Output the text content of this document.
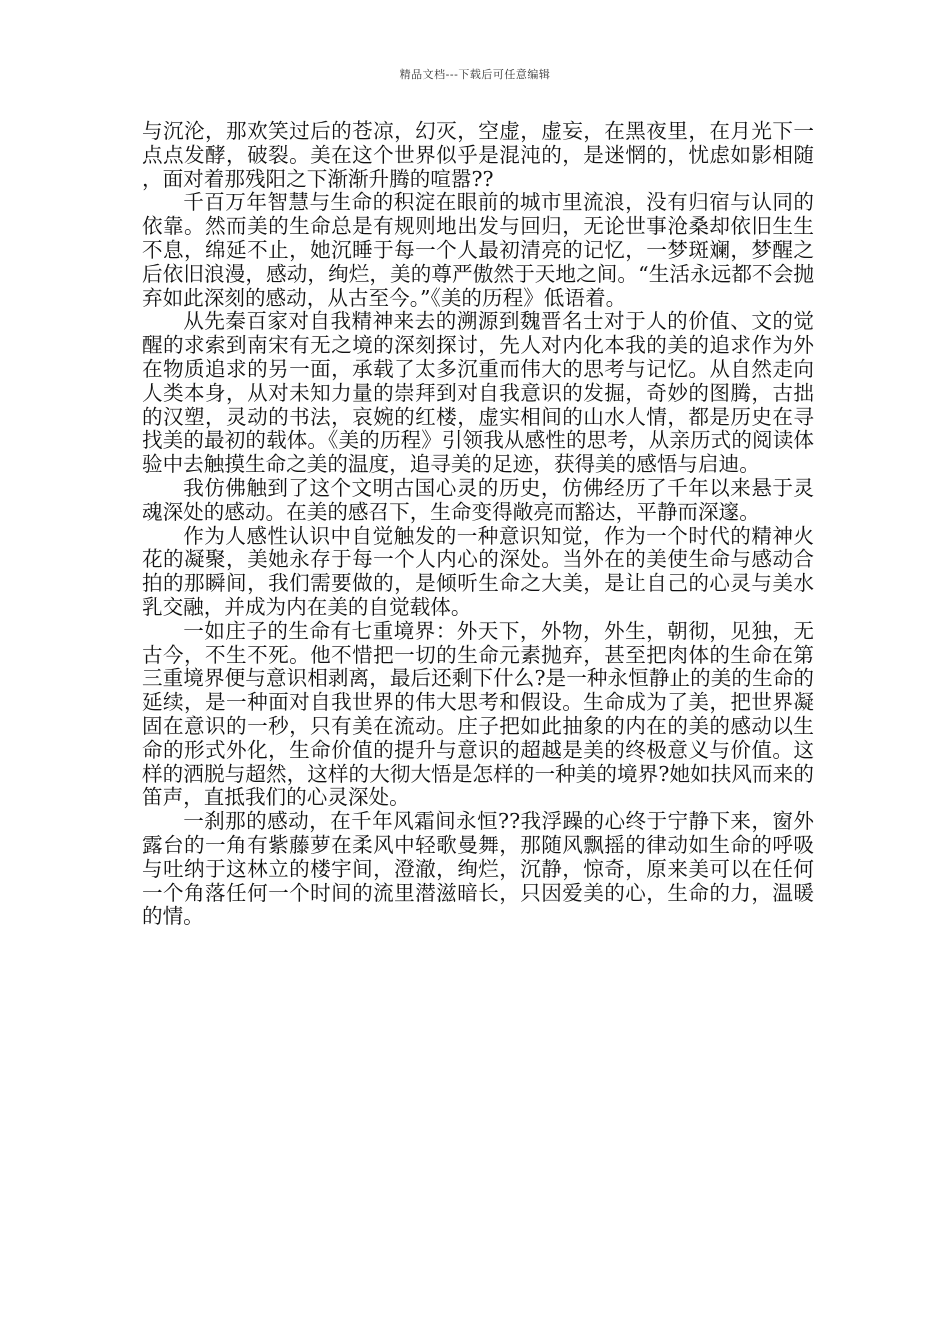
精品文档---下载后可任意编辑

与沉沦，那欢笑过后的苍凉，幻灭，空虚，虚妄，在黑夜里，在月光下一点点发酵，破裂。美在这个世界似乎是混沌的，是迷惘的，忧虑如影相随，面对着那残阳之下渐渐升腾的喧嚣??

千百万年智慧与生命的积淀在眼前的城市里流浪，没有归宿与认同的依靠。然而美的生命总是有规则地出发与回归，无论世事沧桑却依旧生生不息，绵延不止，她沉睡于每一个人最初清亮的记忆，一梦斑斓，梦醒之后依旧浪漫，感动，绚烂，美的尊严傲然于天地之间。“生活永远都不会抛弃如此深刻的感动，从古至今。”《美的历程》低语着。

从先秦百家对自我精神来去的溯源到魏晋名士对于人的价值、文的觉醒的求索到南宋有无之境的深刻探讨，先人对内化本我的美的追求作为外在物质追求的另一面，承载了太多沉重而伟大的思考与记忆。从自然走向人类本身，从对未知力量的崇拜到对自我意识的发掘，奇妙的图腾，古拙的汉塑，灵动的书法，哀婉的红楼，虚实相间的山水人情，都是历史在寻找美的最初的载体。《美的历程》引领我从感性的思考，从亲历式的阅读体验中去触摸生命之美的温度，追寻美的足迹，获得美的感悟与启迪。

我仿佛触到了这个文明古国心灵的历史，仿佛经历了千年以来悬于灵魂深处的感动。在美的感召下，生命变得敞亮而豁达，平静而深邃。

作为人感性认识中自觉触发的一种意识知觉，作为一个时代的精神火花的凝聚，美她永存于每一个人内心的深处。当外在的美使生命与感动合拍的那瞬间，我们需要做的，是倾听生命之大美，是让自己的心灵与美水乳交融，并成为内在美的自觉载体。

一如庄子的生命有七重境界：外天下，外物，外生，朝彻，见独，无古今，不生不死。他不惜把一切的生命元素抛弃，甚至把肉体的生命在第三重境界便与意识相剥离，最后还剩下什么?是一种永恒静止的美的生命的延续，是一种面对自我世界的伟大思考和假设。生命成为了美，把世界凝固在意识的一秒，只有美在流动。庄子把如此抽象的内在的美的感动以生命的形式外化，生命价值的提升与意识的超越是美的终极意义与价值。这样的洒脱与超然，这样的大彻大悟是怎样的一种美的境界?她如扶风而来的笛声，直抵我们的心灵深处。

一刹那的感动，在千年风霜间永恒??我浮躁的心终于宁静下来，窗外露台的一角有紫藤萝在柔风中轻歌曼舞，那随风飘摇的律动如生命的呼吸与吐纳于这林立的楼宇间，澄澈，绚烂，沉静，惊奇，原来美可以在任何一个角落任何一个时间的流里潜滋暗长，只因爱美的心，生命的力，温暖的情。
